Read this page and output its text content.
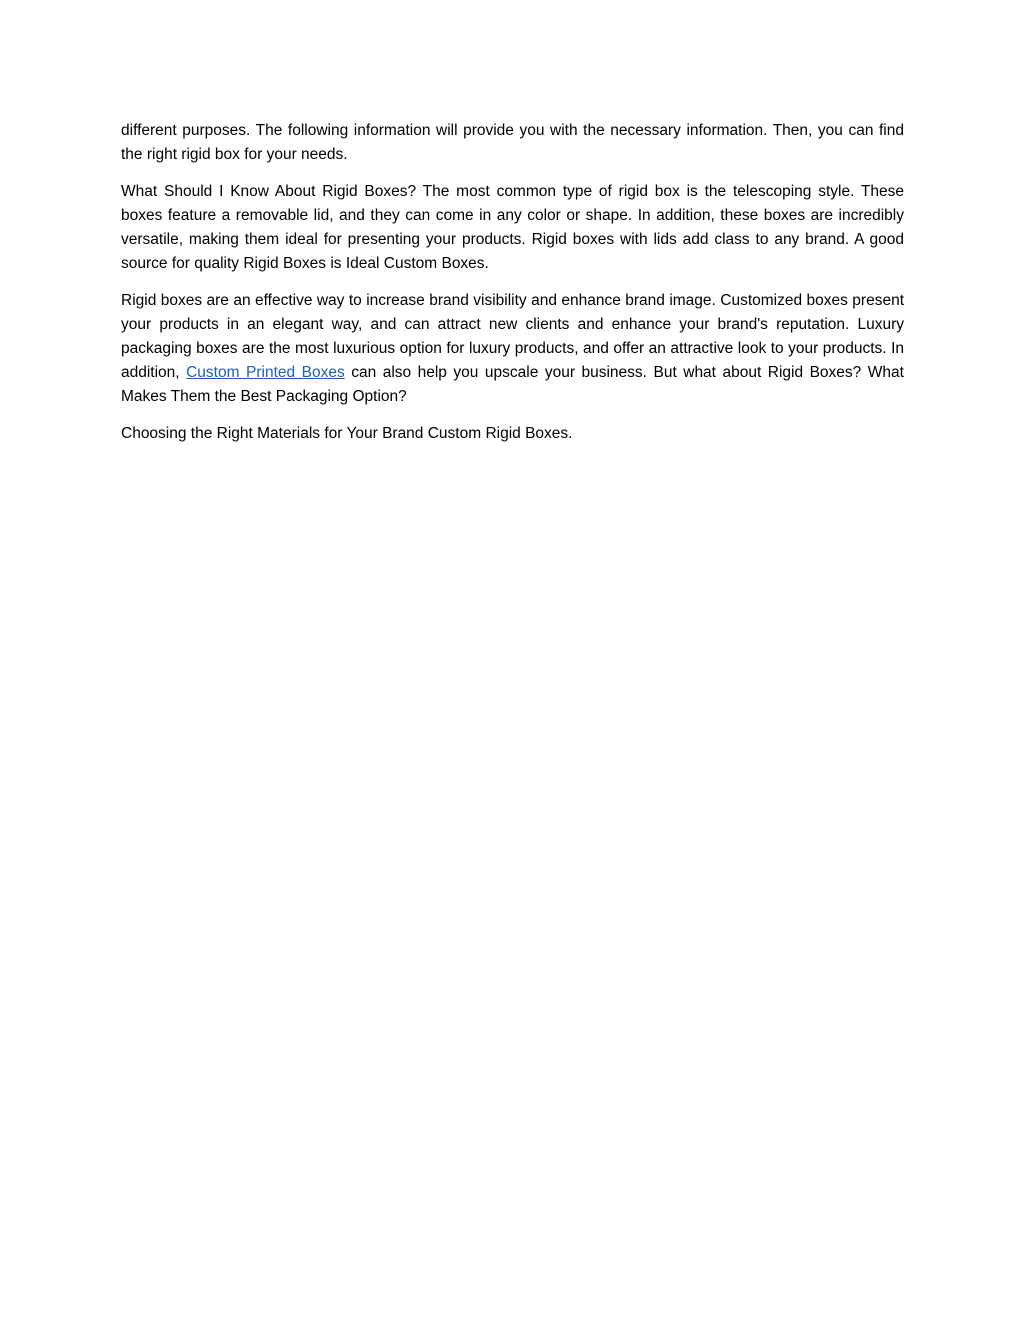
different purposes. The following information will provide you with the necessary information. Then, you can find the right rigid box for your needs.

What Should I Know About Rigid Boxes? The most common type of rigid box is the telescoping style. These boxes feature a removable lid, and they can come in any color or shape. In addition, these boxes are incredibly versatile, making them ideal for presenting your products. Rigid boxes with lids add class to any brand. A good source for quality Rigid Boxes is Ideal Custom Boxes.

Rigid boxes are an effective way to increase brand visibility and enhance brand image. Customized boxes present your products in an elegant way, and can attract new clients and enhance your brand's reputation. Luxury packaging boxes are the most luxurious option for luxury products, and offer an attractive look to your products. In addition, Custom Printed Boxes can also help you upscale your business. But what about Rigid Boxes? What Makes Them the Best Packaging Option?

Choosing the Right Materials for Your Brand Custom Rigid Boxes.
